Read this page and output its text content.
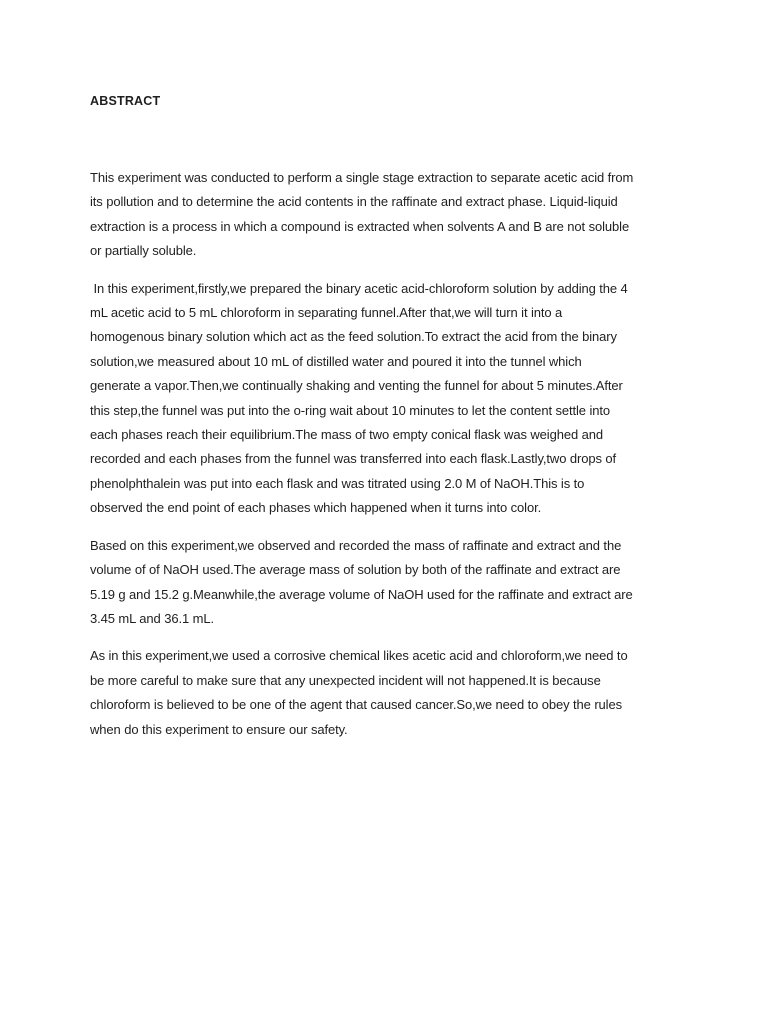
ABSTRACT
This experiment was conducted to perform a single stage extraction to separate acetic acid from
its pollution and to determine the acid contents in the raffinate and extract phase. Liquid-liquid
extraction is a process in which a compound is extracted when solvents A and B are not soluble
or partially soluble.
In this experiment,firstly,we prepared the binary acetic acid-chloroform solution by adding the 4
mL acetic acid to 5 mL chloroform in separating funnel.After that,we will turn it into a
homogenous binary solution which act as the feed solution.To extract the acid from the binary
solution,we measured about 10 mL of distilled water and poured it into the tunnel which
generate a vapor.Then,we continually shaking and venting the funnel for about 5 minutes.After
this step,the funnel was put into the o-ring wait about 10 minutes to let the content settle into
each phases reach their equilibrium.The mass of two empty conical flask was weighed and
recorded and each phases from the funnel was transferred into each flask.Lastly,two drops of
phenolphthalein was put into each flask and was titrated using 2.0 M of NaOH.This is to
observed the end point of each phases which happened when it turns into color.
Based on this experiment,we observed and recorded the mass of raffinate and extract and the
volume of of NaOH used.The average mass of solution by both of the raffinate and extract are
5.19 g and 15.2 g.Meanwhile,the average volume of NaOH used for the raffinate and extract are
3.45 mL and 36.1 mL.
As in this experiment,we used a corrosive chemical likes acetic acid and chloroform,we need to
be more careful to make sure that any unexpected incident will not happened.It is because
chloroform is believed to be one of the agent that caused cancer.So,we need to obey the rules
when do this experiment to ensure our safety.
